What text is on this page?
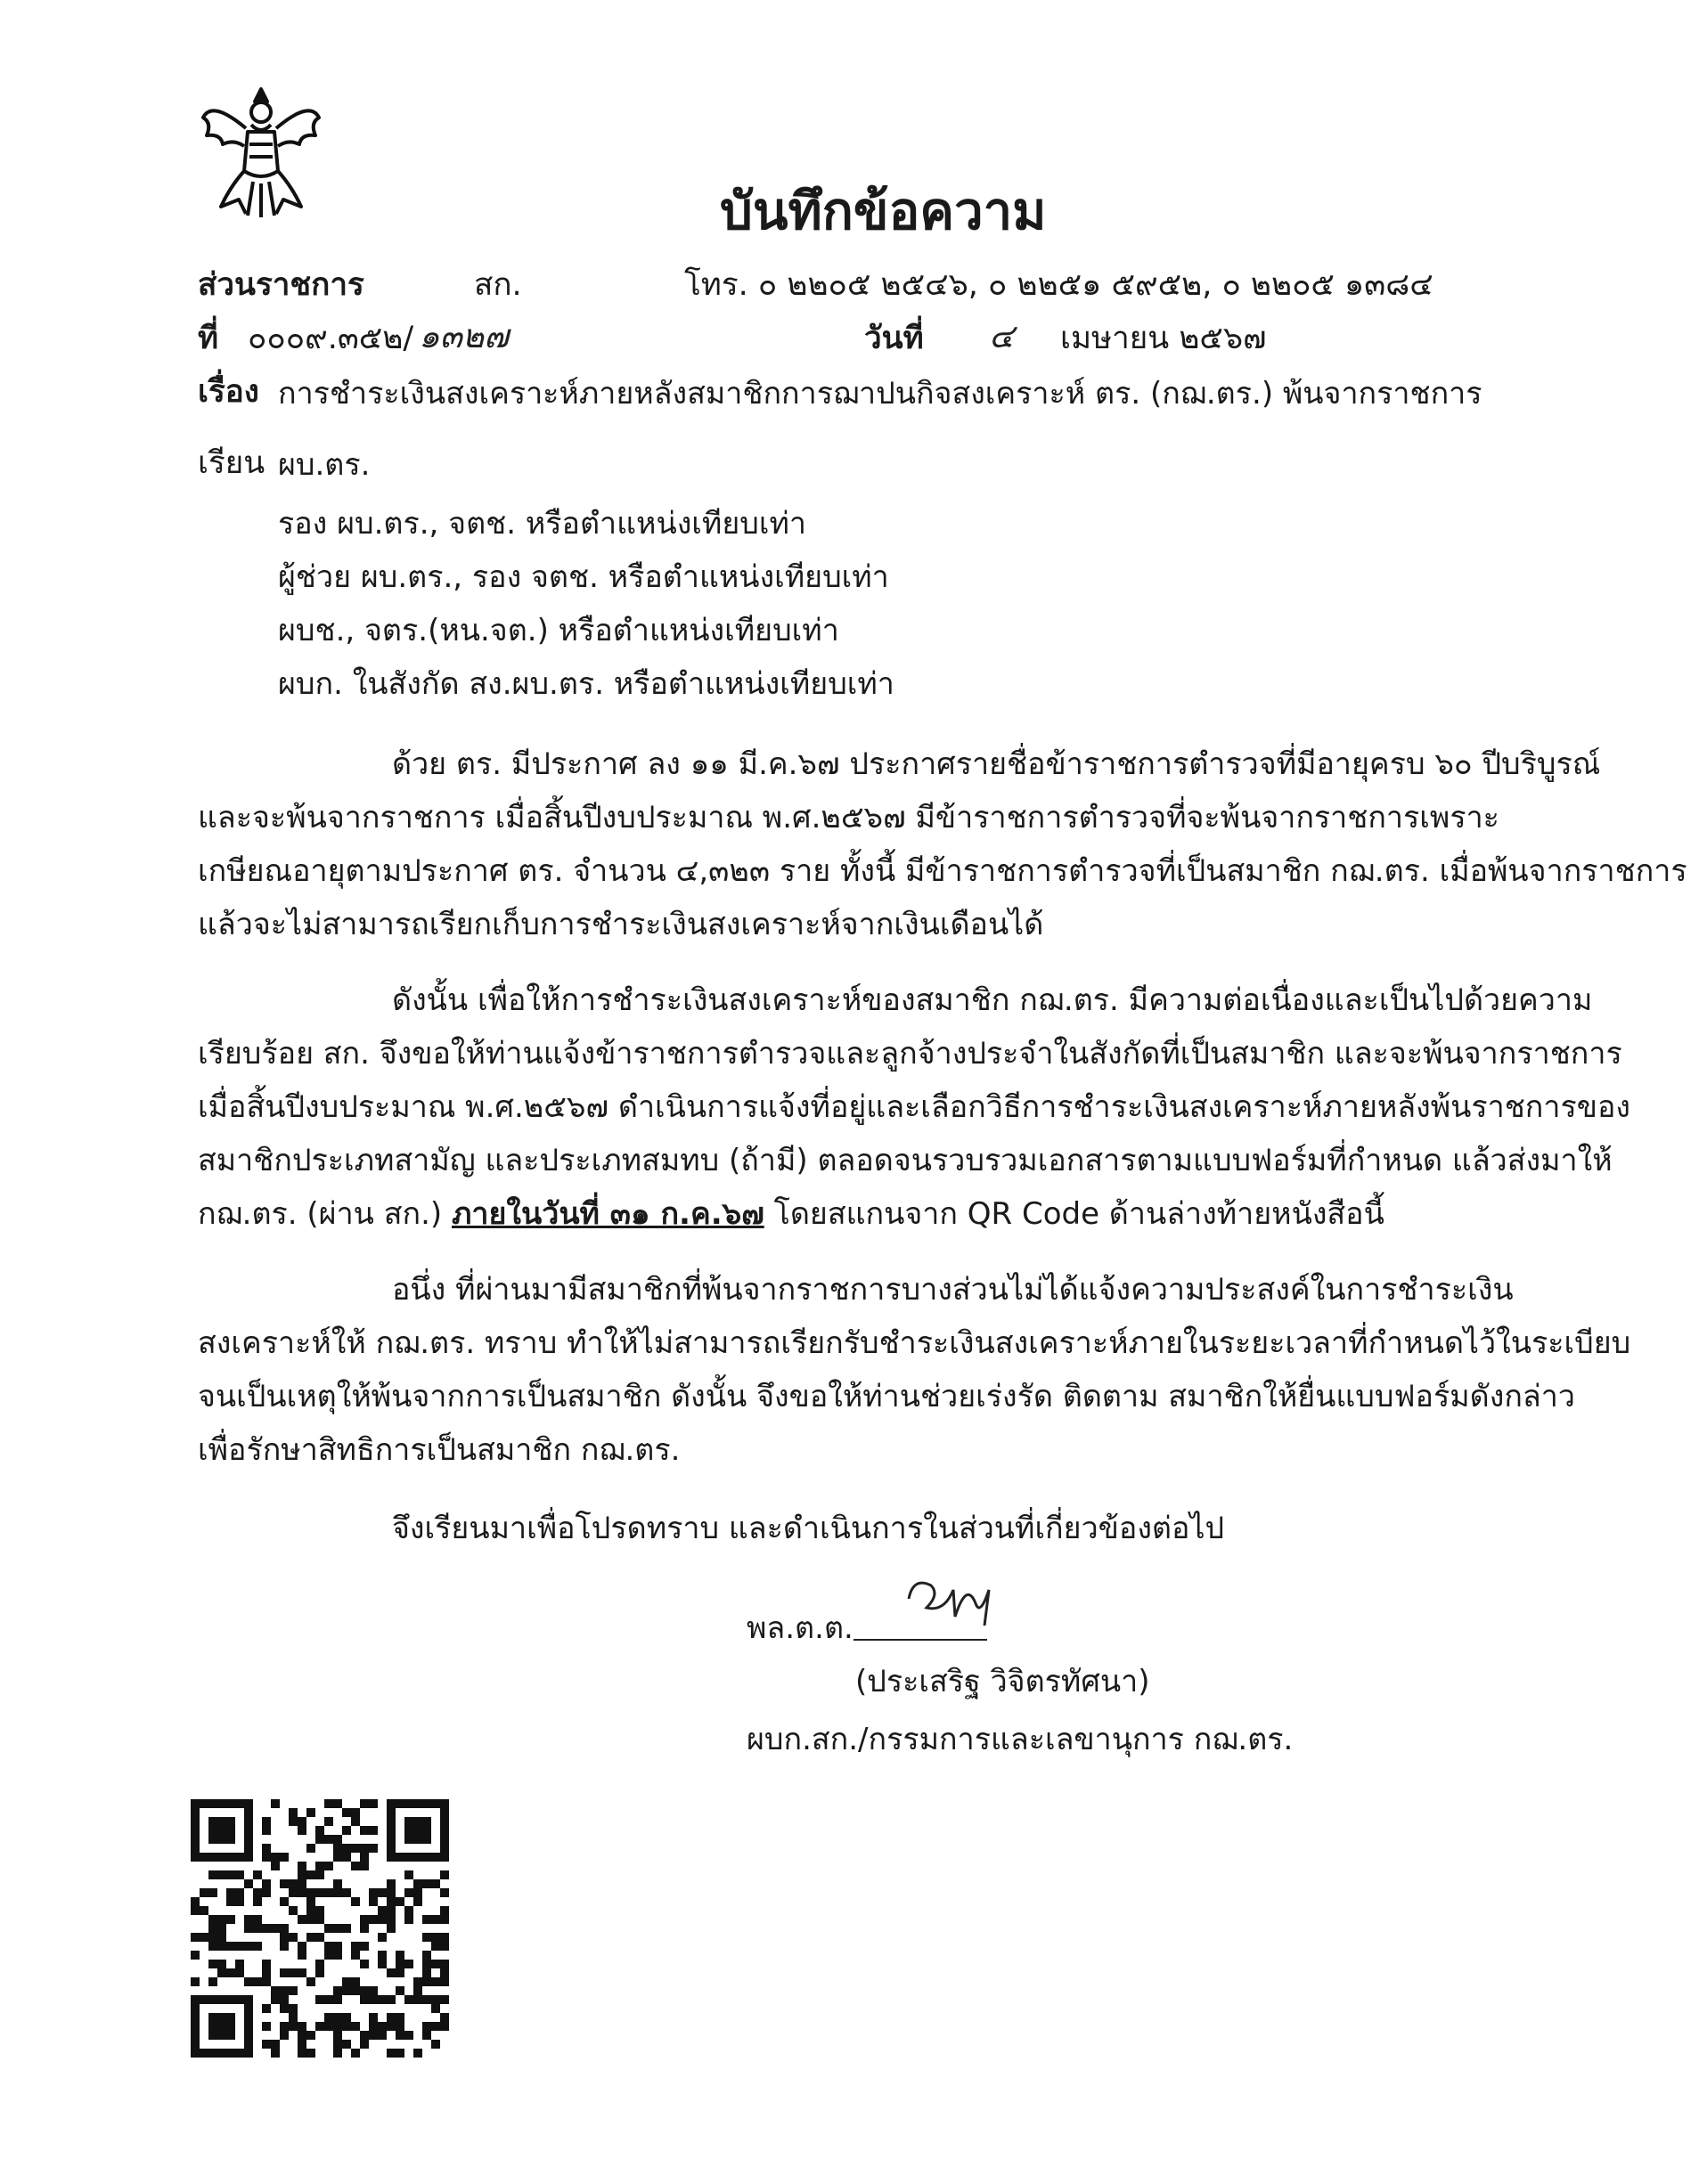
บันทึกข้อความ
ส่วนราชการ	สก.	โทร. ๐ ๒๒๐๕ ๒๕๔๖, ๐ ๒๒๕๑ ๕๙๕๒, ๐ ๒๒๐๕ ๑๓๘๔
ที่ ๐๐๐๙.๓๕๒/ ๑๓๒๗	วันที่ ๔ เมษายน ๒๕๖๗
เรื่อง การชำระเงินสงเคราะห์ภายหลังสมาชิกการฌาปนกิจสงเคราะห์ ตร. (กฌ.ตร.) พ้นจากราชการ
เรียน ผบ.ตร.
รอง ผบ.ตร., จตช. หรือตำแหน่งเทียบเท่า
ผู้ช่วย ผบ.ตร., รอง จตช. หรือตำแหน่งเทียบเท่า
ผบช., จตร.(หน.จต.) หรือตำแหน่งเทียบเท่า
ผบก. ในสังกัด สง.ผบ.ตร. หรือตำแหน่งเทียบเท่า
ด้วย ตร. มีประกาศ ลง ๑๑ มี.ค.๖๗ ประกาศรายชื่อข้าราชการตำรวจที่มีอายุครบ ๖๐ ปีบริบูรณ์
และจะพ้นจากราชการ เมื่อสิ้นปีงบประมาณ พ.ศ.๒๕๖๗ มีข้าราชการตำรวจที่จะพ้นจากราชการเพราะ
เกษียณอายุตามประกาศ ตร. จำนวน ๔,๓๒๓ ราย ทั้งนี้ มีข้าราชการตำรวจที่เป็นสมาชิก กฌ.ตร. เมื่อพ้นจากราชการ
แล้วจะไม่สามารถเรียกเก็บการชำระเงินสงเคราะห์จากเงินเดือนได้
ดังนั้น เพื่อให้การชำระเงินสงเคราะห์ของสมาชิก กฌ.ตร. มีความต่อเนื่องและเป็นไปด้วยความ
เรียบร้อย สก. จึงขอให้ท่านแจ้งข้าราชการตำรวจและลูกจ้างประจำในสังกัดที่เป็นสมาชิก และจะพ้นจากราชการ
เมื่อสิ้นปีงบประมาณ พ.ศ.๒๕๖๗ ดำเนินการแจ้งที่อยู่และเลือกวิธีการชำระเงินสงเคราะห์ภายหลังพ้นราชการของ
สมาชิกประเภทสามัญ และประเภทสมทบ (ถ้ามี) ตลอดจนรวบรวมเอกสารตามแบบฟอร์มที่กำหนด แล้วส่งมาให้
กฌ.ตร. (ผ่าน สก.) ภายในวันที่ ๓๑ ก.ค.๖๗ โดยสแกนจาก QR Code ด้านล่างท้ายหนังสือนี้
อนึ่ง ที่ผ่านมามีสมาชิกที่พ้นจากราชการบางส่วนไม่ได้แจ้งความประสงค์ในการชำระเงิน
สงเคราะห์ให้ กฌ.ตร. ทราบ ทำให้ไม่สามารถเรียกรับชำระเงินสงเคราะห์ภายในระยะเวลาที่กำหนดไว้ในระเบียบ
จนเป็นเหตุให้พ้นจากการเป็นสมาชิก ดังนั้น จึงขอให้ท่านช่วยเร่งรัด ติดตาม สมาชิกให้ยื่นแบบฟอร์มดังกล่าว
เพื่อรักษาสิทธิการเป็นสมาชิก กฌ.ตร.
จึงเรียนมาเพื่อโปรดทราบ และดำเนินการในส่วนที่เกี่ยวข้องต่อไป
พล.ต.ต.
(ประเสริฐ วิจิตรทัศนา)
ผบก.สก./กรรมการและเลขานุการ กฌ.ตร.
